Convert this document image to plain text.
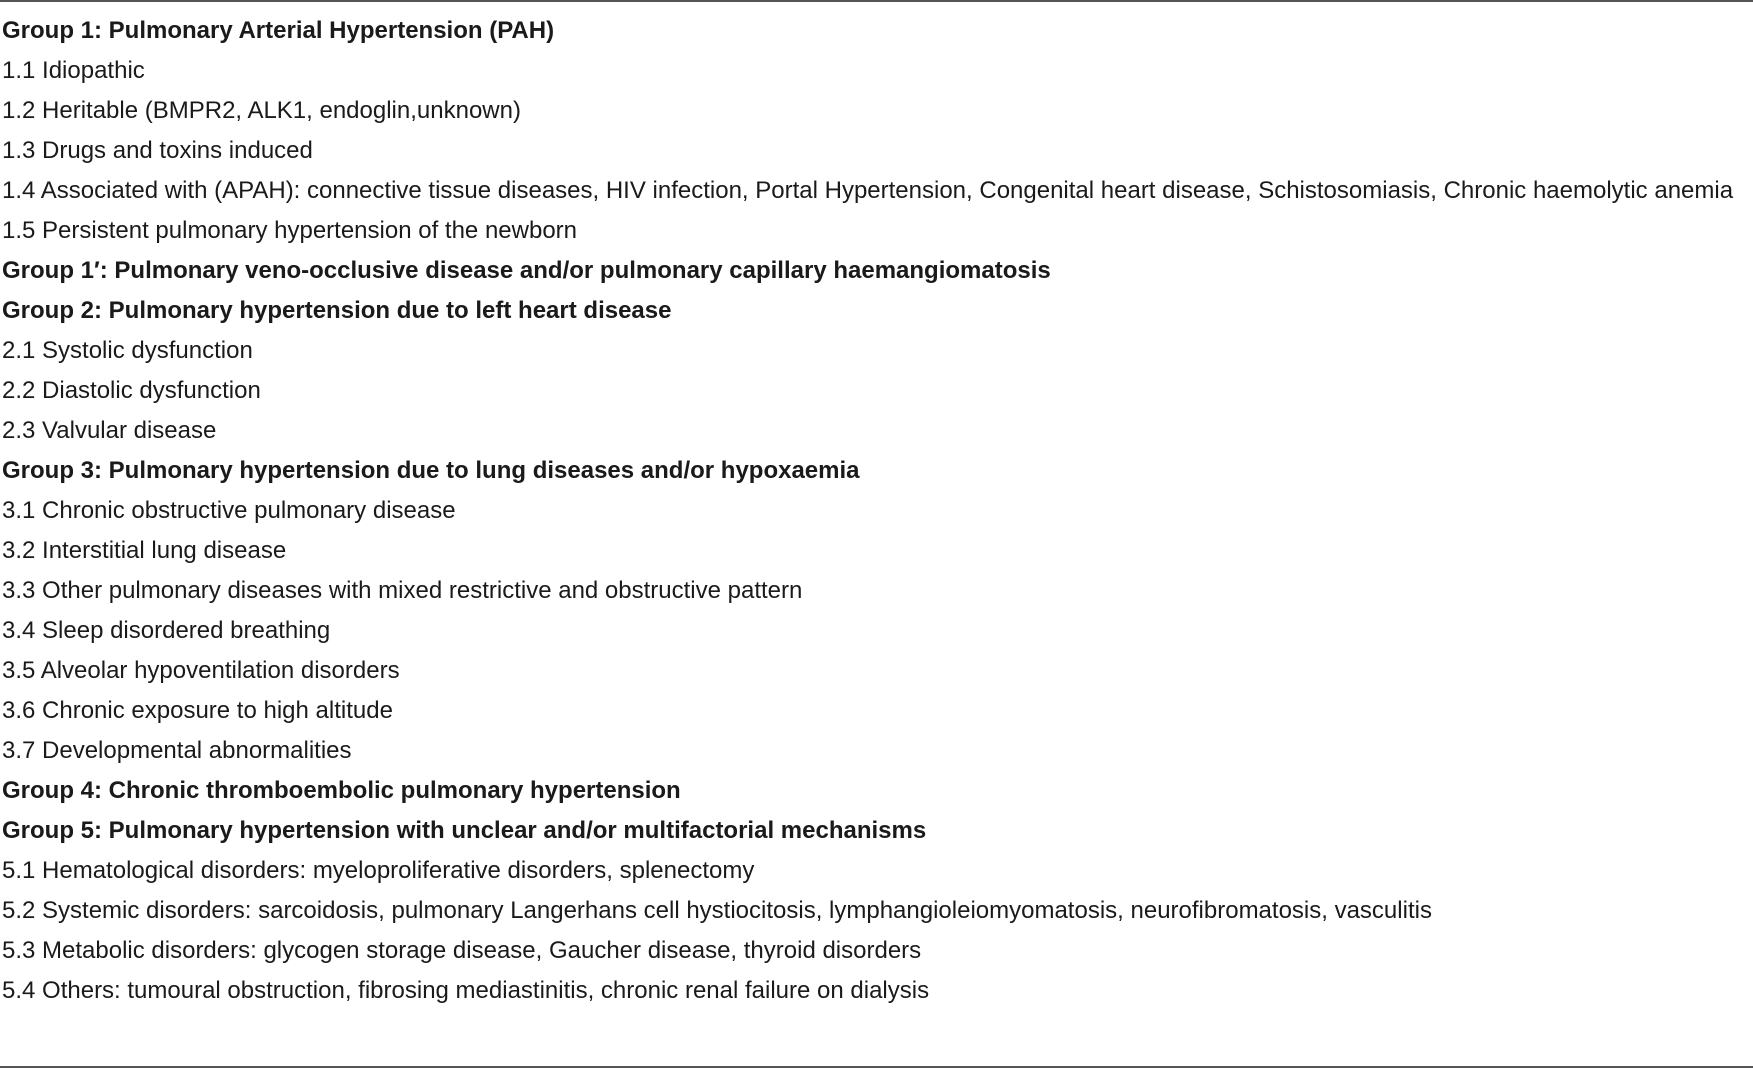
Group 1: Pulmonary Arterial Hypertension (PAH)
1.1 Idiopathic
1.2 Heritable (BMPR2, ALK1, endoglin,unknown)
1.3 Drugs and toxins induced
1.4 Associated with (APAH): connective tissue diseases, HIV infection, Portal Hypertension, Congenital heart disease, Schistosomiasis, Chronic haemolytic anemia
1.5 Persistent pulmonary hypertension of the newborn
Group 1′: Pulmonary veno-occlusive disease and/or pulmonary capillary haemangiomatosis
Group 2: Pulmonary hypertension due to left heart disease
2.1 Systolic dysfunction
2.2 Diastolic dysfunction
2.3 Valvular disease
Group 3: Pulmonary hypertension due to lung diseases and/or hypoxaemia
3.1 Chronic obstructive pulmonary disease
3.2 Interstitial lung disease
3.3 Other pulmonary diseases with mixed restrictive and obstructive pattern
3.4 Sleep disordered breathing
3.5 Alveolar hypoventilation disorders
3.6 Chronic exposure to high altitude
3.7 Developmental abnormalities
Group 4: Chronic thromboembolic pulmonary hypertension
Group 5: Pulmonary hypertension with unclear and/or multifactorial mechanisms
5.1 Hematological disorders: myeloproliferative disorders, splenectomy
5.2 Systemic disorders: sarcoidosis, pulmonary Langerhans cell hystiocitosis, lymphangioleiomyomatosis, neurofibromatosis, vasculitis
5.3 Metabolic disorders: glycogen storage disease, Gaucher disease, thyroid disorders
5.4 Others: tumoural obstruction, fibrosing mediastinitis, chronic renal failure on dialysis
